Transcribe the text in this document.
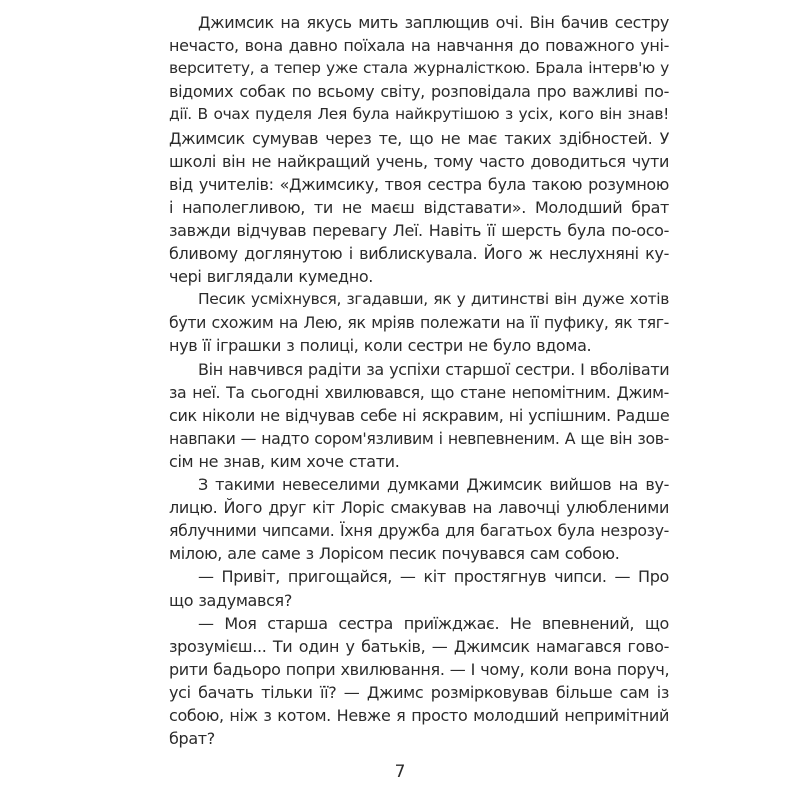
Джимсик на якусь мить заплющив очі. Він бачив сестру
нечасто, вона давно поїхала на навчання до поважного уні-
верситету, а тепер уже стала журналісткою. Брала інтерв'ю у
відомих собак по всьому світу, розповідала про важливі по-
дії. В очах пуделя Лея була найкрутішою з усіх, кого він знав!
Джимсик сумував через те, що не має таких здібностей. У
школі він не найкращий учень, тому часто доводиться чути
від учителів: «Джимсику, твоя сестра була такою розумною
і наполегливою, ти не маєш відставати». Молодший брат
завжди відчував перевагу Леї. Навіть її шерсть була по-осо-
бливому доглянутою і виблискувала. Його ж неслухняні ку-
чері виглядали кумедно.
Песик усміхнувся, згадавши, як у дитинстві він дуже хотів
бути схожим на Лею, як мріяв полежати на її пуфику, як тяг-
нув її іграшки з полиці, коли сестри не було вдома.
Він навчився радіти за успіхи старшої сестри. І вболівати
за неї. Та сьогодні хвилювався, що стане непомітним. Джим-
сик ніколи не відчував себе ні яскравим, ні успішним. Радше
навпаки — надто сором'язливим і невпевненим. А ще він зов-
сім не знав, ким хоче стати.
З такими невеселими думками Джимсик вийшов на ву-
лицю. Його друг кіт Лоріс смакував на лавочці улюбленими
яблучними чипсами. Їхня дружба для багатьох була незрозу-
мілою, але саме з Лорісом песик почувався сам собою.
— Привіт, пригощайся, — кіт простягнув чипси. — Про
що задумався?
— Моя старша сестра приїжджає. Не впевнений, що
зрозумієш... Ти один у батьків, — Джимсик намагався гово-
рити бадьоро попри хвилювання. — І чому, коли вона поруч,
усі бачать тільки її? — Джимс розмірковував більше сам із
собою, ніж з котом. Невже я просто молодший непримітний
брат?
7
